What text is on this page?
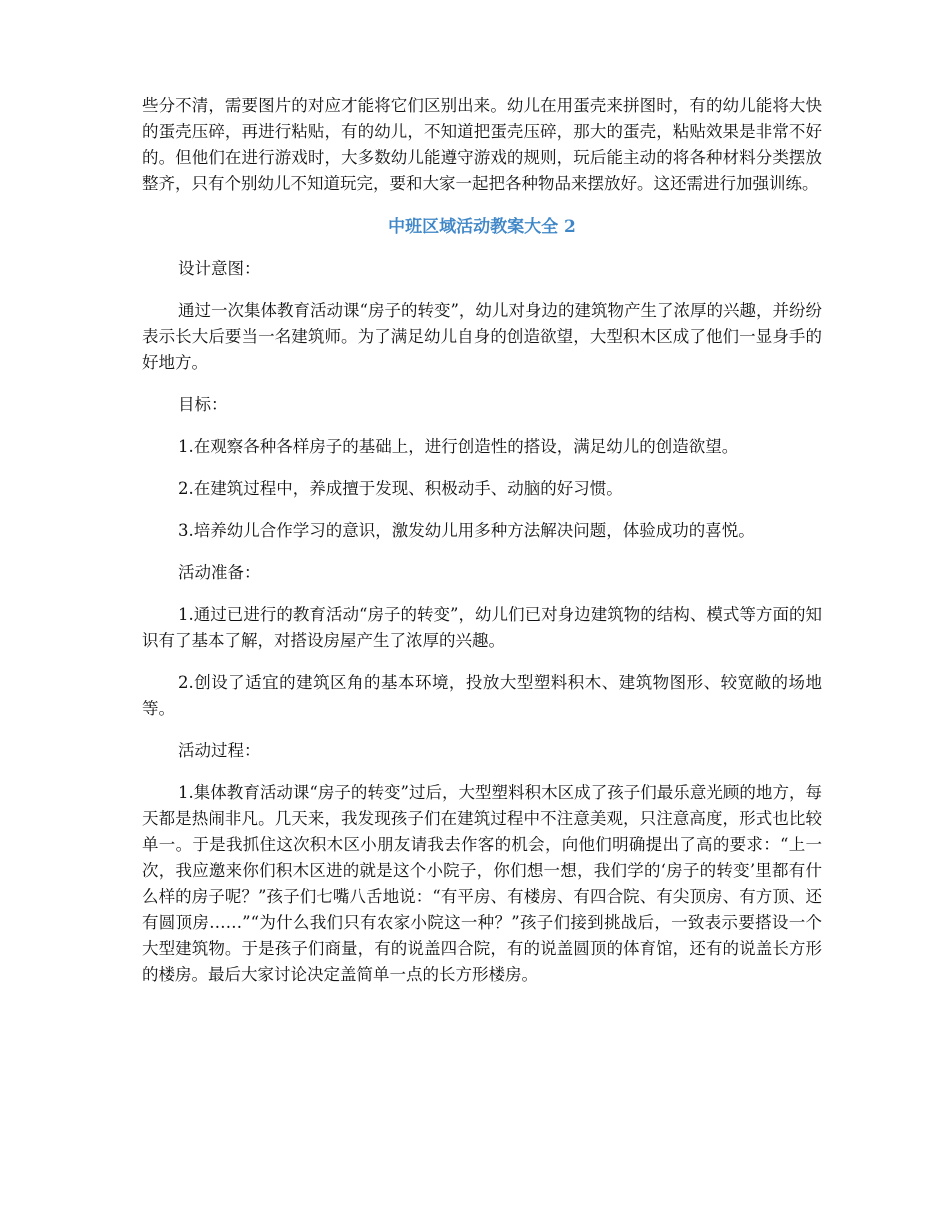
些分不清，需要图片的对应才能将它们区别出来。幼儿在用蛋壳来拼图时，有的幼儿能将大快的蛋壳压碎，再进行粘贴，有的幼儿，不知道把蛋壳压碎，那大的蛋壳，粘贴效果是非常不好的。但他们在进行游戏时，大多数幼儿能遵守游戏的规则，玩后能主动的将各种材料分类摆放整齐，只有个别幼儿不知道玩完，要和大家一起把各种物品来摆放好。这还需进行加强训练。

中班区域活动教案大全 2

设计意图：

通过一次集体教育活动课“房子的转变”，幼儿对身边的建筑物产生了浓厚的兴趣，并纷纷表示长大后要当一名建筑师。为了满足幼儿自身的创造欲望，大型积木区成了他们一显身手的好地方。

目标：

1.在观察各种各样房子的基础上，进行创造性的搭设，满足幼儿的创造欲望。

2.在建筑过程中，养成擅于发现、积极动手、动脑的好习惯。

3.培养幼儿合作学习的意识，激发幼儿用多种方法解决问题，体验成功的喜悦。

活动准备：

1.通过已进行的教育活动“房子的转变”，幼儿们已对身边建筑物的结构、模式等方面的知识有了基本了解，对搭设房屋产生了浓厚的兴趣。

2.创设了适宜的建筑区角的基本环境，投放大型塑料积木、建筑物图形、较宽敞的场地等。

活动过程：

1.集体教育活动课“房子的转变”过后，大型塑料积木区成了孩子们最乐意光顾的地方，每天都是热闹非凡。几天来，我发现孩子们在建筑过程中不注意美观，只注意高度，形式也比较单一。于是我抓住这次积木区小朋友请我去作客的机会，向他们明确提出了高的要求：“上一次，我应邀来你们积木区进的就是这个小院子，你们想一想，我们学的‘房子的转变’里都有什么样的房子呢？”孩子们七嘴八舌地说：“有平房、有楼房、有四合院、有尖顶房、有方顶、还有圆顶房……”“为什么我们只有农家小院这一种？”孩子们接到挑战后，一致表示要搭设一个大型建筑物。于是孩子们商量，有的说盖四合院，有的说盖圆顶的体育馆，还有的说盖长方形的楼房。最后大家讨论决定盖简单一点的长方形楼房。
